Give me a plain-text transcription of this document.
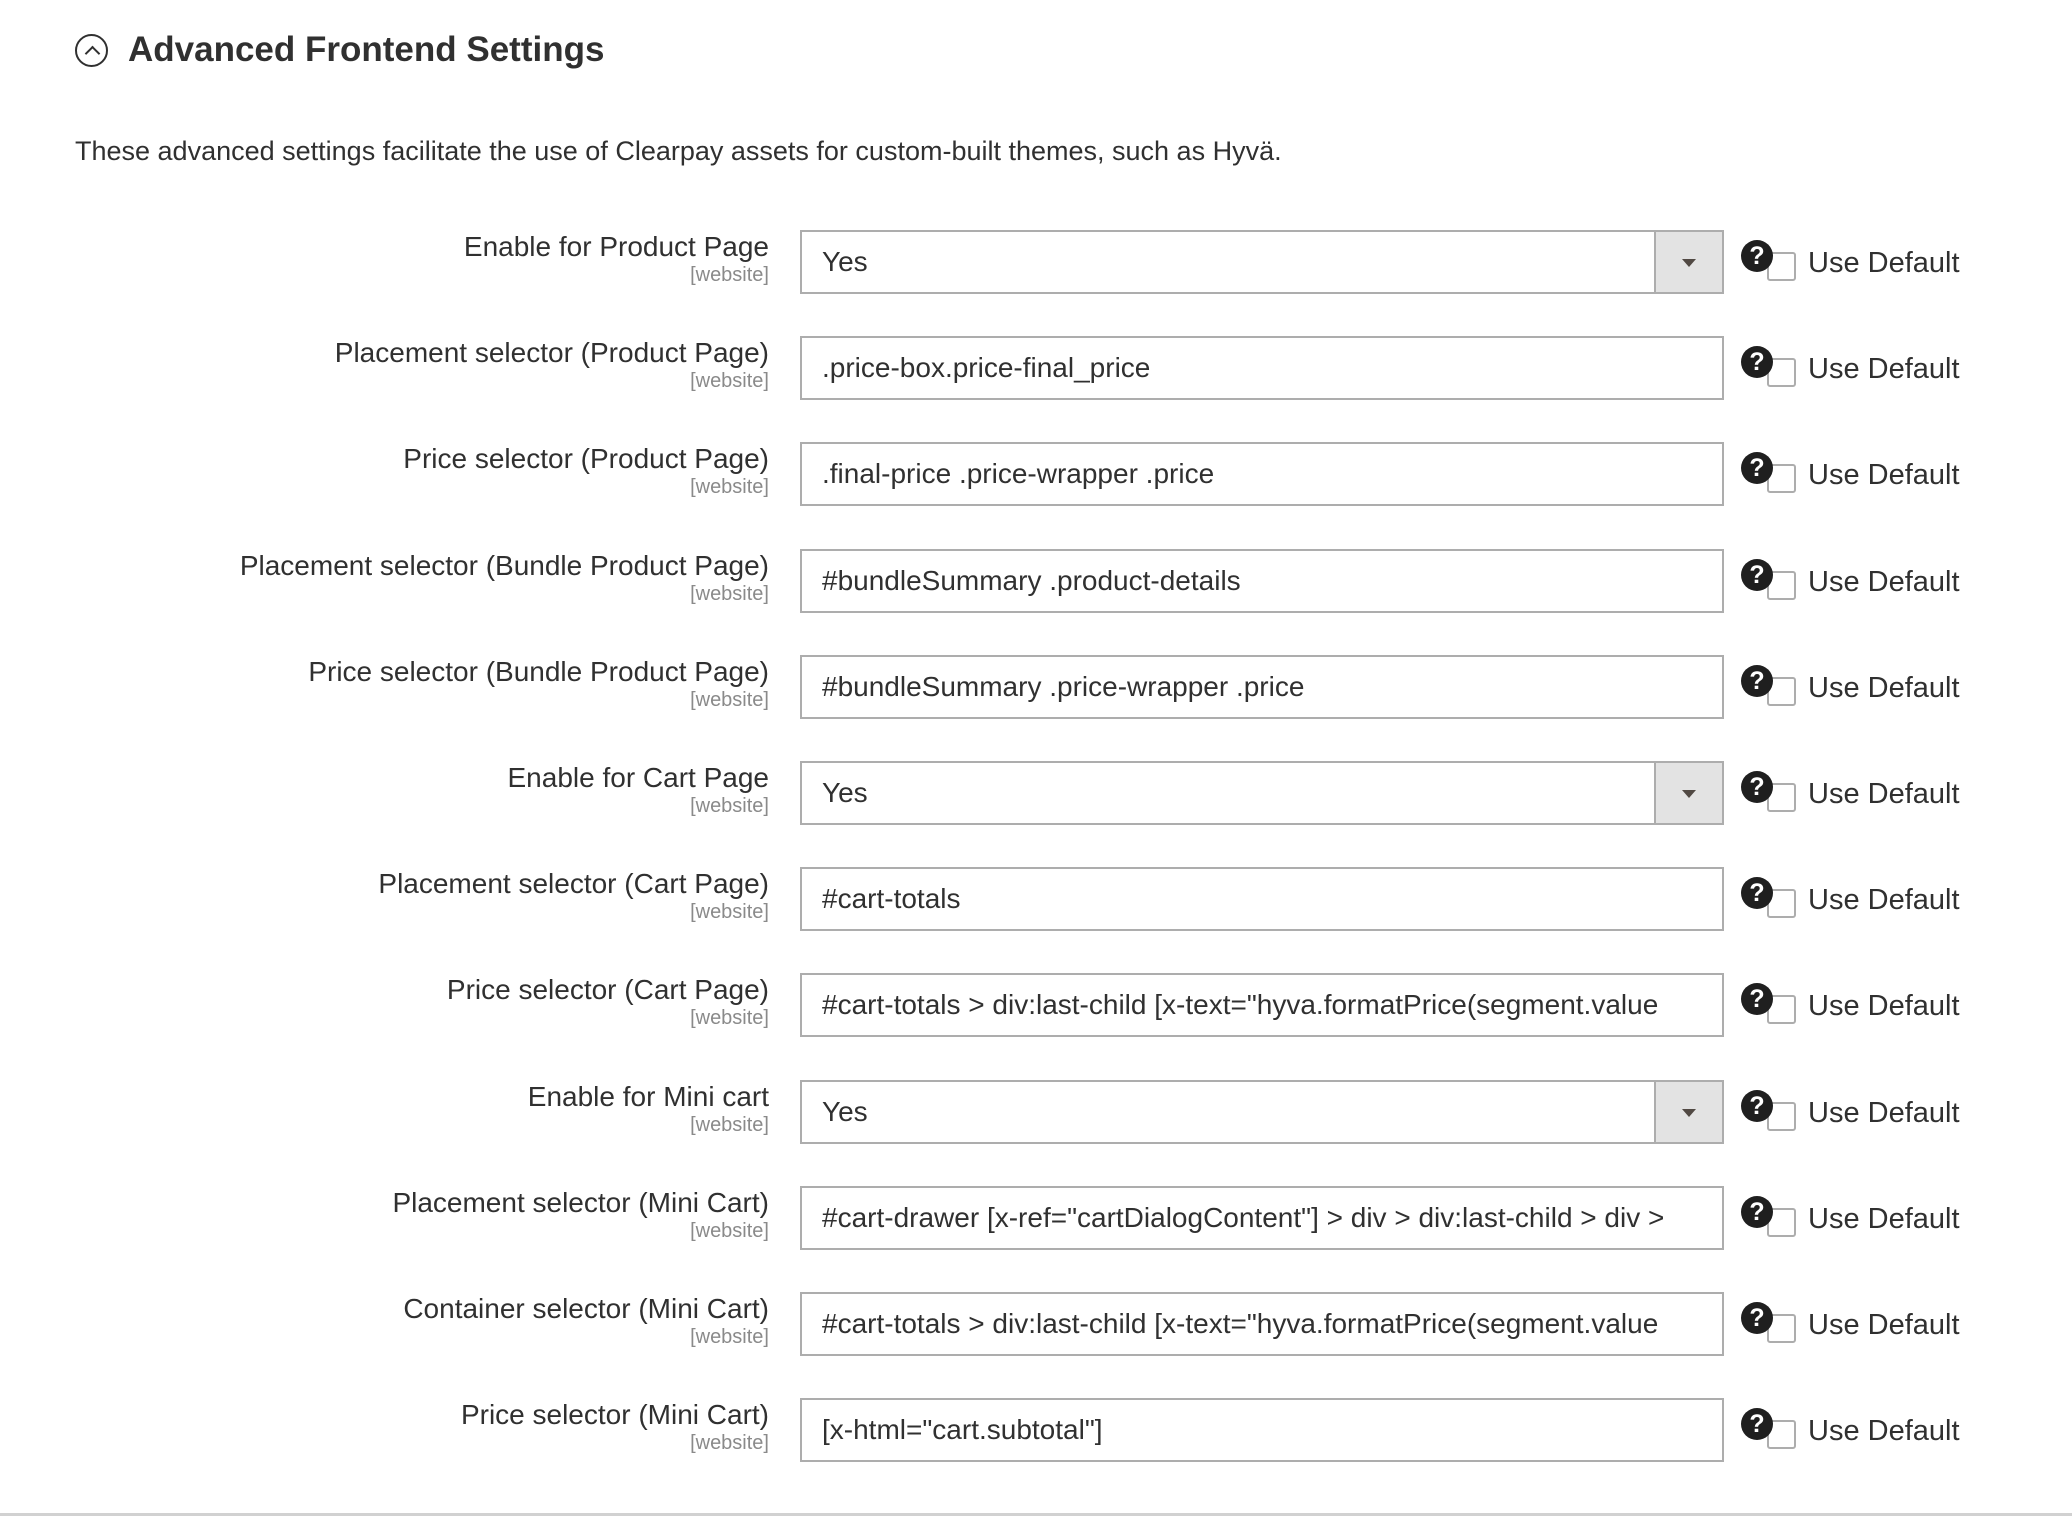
Advanced Frontend Settings
These advanced settings facilitate the use of Clearpay assets for custom-built themes, such as Hyvä.
Enable for Product Page
[website]	Yes	? Use Default
Placement selector (Product Page)
[website]	.price-box.price-final_price	? Use Default
Price selector (Product Page)
[website]	.final-price .price-wrapper .price	? Use Default
Placement selector (Bundle Product Page)
[website]	#bundleSummary .product-details	? Use Default
Price selector (Bundle Product Page)
[website]	#bundleSummary .price-wrapper .price	? Use Default
Enable for Cart Page
[website]	Yes	? Use Default
Placement selector (Cart Page)
[website]	#cart-totals	? Use Default
Price selector (Cart Page)
[website]	#cart-totals > div:last-child [x-text="hyva.formatPrice(segment.value	? Use Default
Enable for Mini cart
[website]	Yes	? Use Default
Placement selector (Mini Cart)
[website]	#cart-drawer [x-ref="cartDialogContent"] > div > div:last-child > div >	? Use Default
Container selector (Mini Cart)
[website]	#cart-totals > div:last-child [x-text="hyva.formatPrice(segment.value	? Use Default
Price selector (Mini Cart)
[website]	[x-html="cart.subtotal"]	? Use Default
